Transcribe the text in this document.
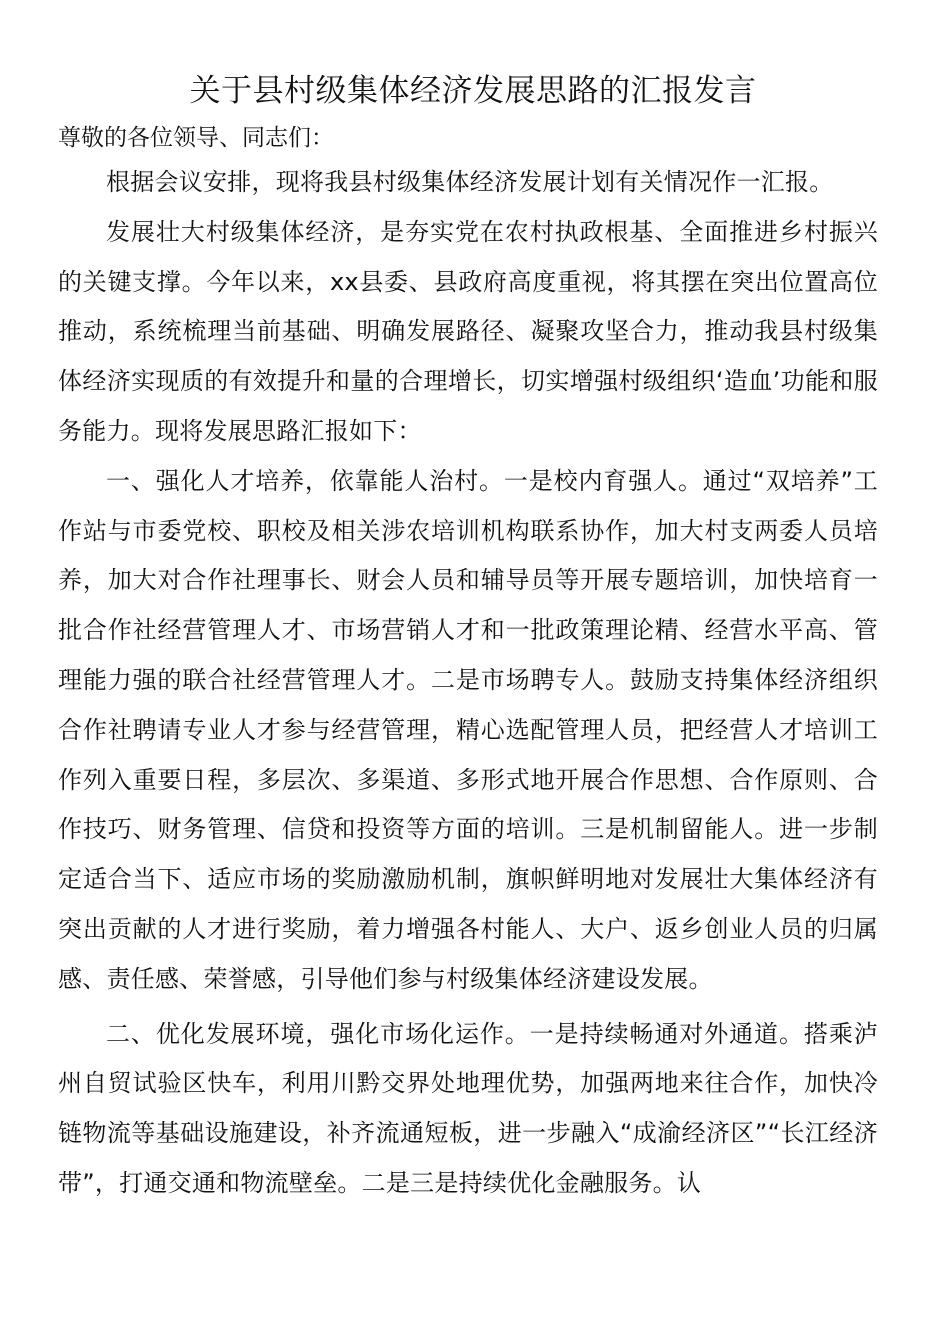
关于县村级集体经济发展思路的汇报发言

尊敬的各位领导、同志们：

根据会议安排，现将我县村级集体经济发展计划有关情况作一汇报。

发展壮大村级集体经济，是夯实党在农村执政根基、全面推进乡村振兴的关键支撑。今年以来，xx县委、县政府高度重视，将其摆在突出位置高位推动，系统梳理当前基础、明确发展路径、凝聚攻坚合力，推动我县村级集体经济实现质的有效提升和量的合理增长，切实增强村级组织‘造血’功能和服务能力。现将发展思路汇报如下：

一、强化人才培养，依靠能人治村。一是校内育强人。通过“双培养”工作站与市委党校、职校及相关涉农培训机构联系协作，加大村支两委人员培养，加大对合作社理事长、财会人员和辅导员等开展专题培训，加快培育一批合作社经营管理人才、市场营销人才和一批政策理论精、经营水平高、管理能力强的联合社经营管理人才。二是市场聘专人。鼓励支持集体经济组织合作社聘请专业人才参与经营管理，精心选配管理人员，把经营人才培训工作列入重要日程，多层次、多渠道、多形式地开展合作思想、合作原则、合作技巧、财务管理、信贷和投资等方面的培训。三是机制留能人。进一步制定适合当下、适应市场的奖励激励机制，旗帜鲜明地对发展壮大集体经济有突出贡献的人才进行奖励，着力增强各村能人、大户、返乡创业人员的归属感、责任感、荣誉感，引导他们参与村级集体经济建设发展。

二、优化发展环境，强化市场化运作。一是持续畅通对外通道。搭乘泸州自贸试验区快车，利用川黔交界处地理优势，加强两地来往合作，加快冷链物流等基础设施建设，补齐流通短板，进一步融入“成渝经济区”“长江经济带”，打通交通和物流壁垒。二是三是持续优化金融服务。认
